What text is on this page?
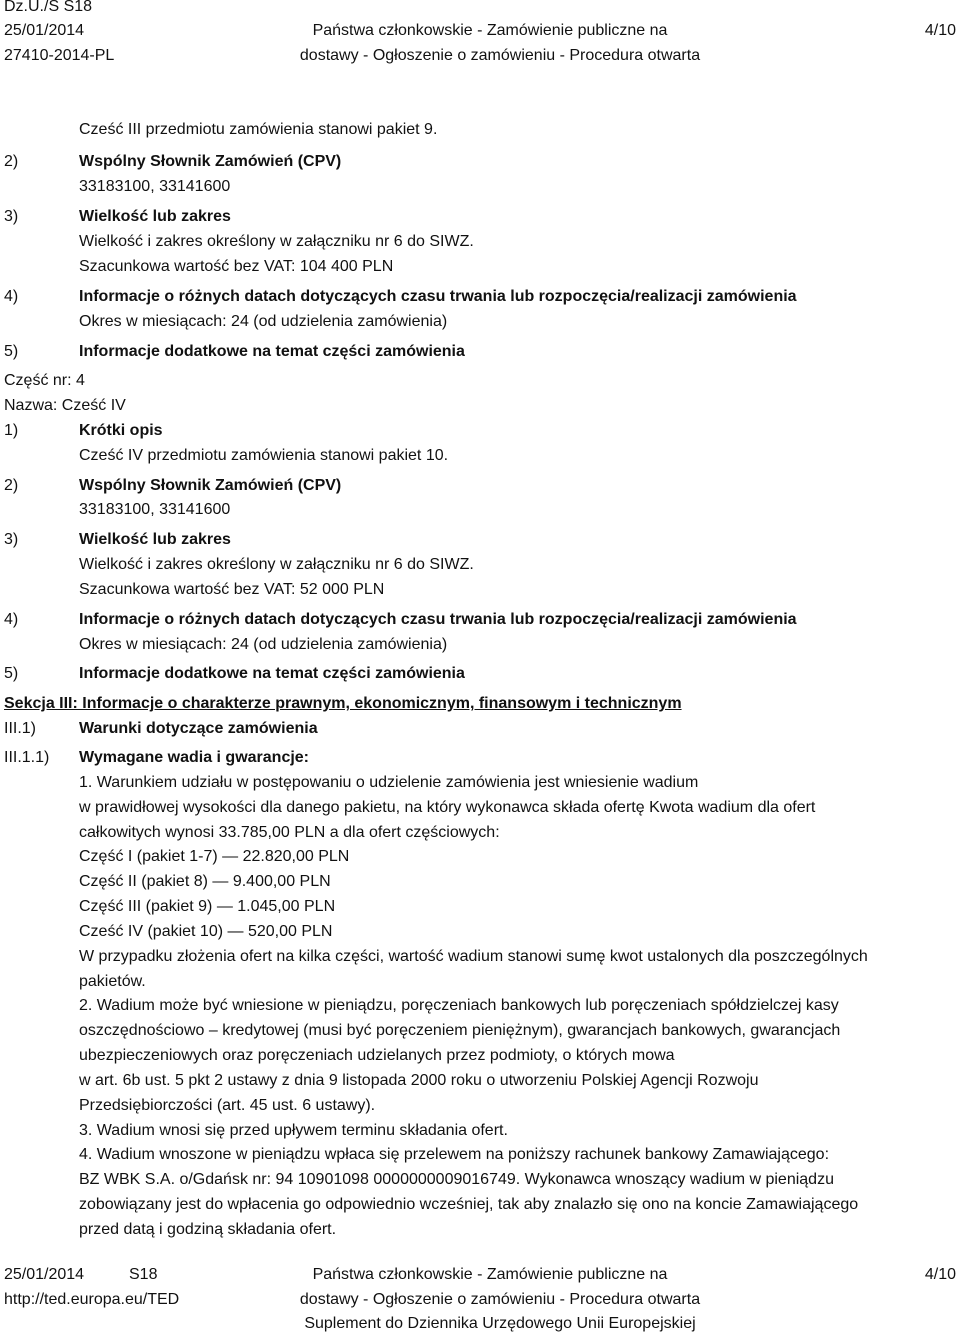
Dz.U./S S18
25/01/2014
27410-2014-PL
Państwa członkowskie - Zamówienie publiczne na
dostawy - Ogłoszenie o zamówieniu - Procedura otwarta
4/10
Cześć III przedmiotu zamówienia stanowi pakiet 9.
2)	Wspólny Słownik Zamówień (CPV)
33183100, 33141600
3)	Wielkość lub zakres
Wielkość i zakres określony w załączniku nr 6 do SIWZ.
Szacunkowa wartość bez VAT: 104 400 PLN
4)	Informacje o różnych datach dotyczących czasu trwania lub rozpoczęcia/realizacji zamówienia
Okres w miesiącach: 24 (od udzielenia zamówienia)
5)	Informacje dodatkowe na temat części zamówienia
Część nr: 4
Nazwa: Cześć IV
1)	Krótki opis
Cześć IV przedmiotu zamówienia stanowi pakiet 10.
2)	Wspólny Słownik Zamówień (CPV)
33183100, 33141600
3)	Wielkość lub zakres
Wielkość i zakres określony w załączniku nr 6 do SIWZ.
Szacunkowa wartość bez VAT: 52 000 PLN
4)	Informacje o różnych datach dotyczących czasu trwania lub rozpoczęcia/realizacji zamówienia
Okres w miesiącach: 24 (od udzielenia zamówienia)
5)	Informacje dodatkowe na temat części zamówienia
Sekcja III: Informacje o charakterze prawnym, ekonomicznym, finansowym i technicznym
III.1)	Warunki dotyczące zamówienia
III.1.1) Wymagane wadia i gwarancje:
1. Warunkiem udziału w postępowaniu o udzielenie zamówienia jest wniesienie wadium
w prawidłowej wysokości dla danego pakietu, na który wykonawca składa ofertę Kwota wadium dla ofert
całkowitych wynosi 33.785,00 PLN a dla ofert częściowych:
Część I (pakiet 1-7) — 22.820,00 PLN
Część II (pakiet 8) — 9.400,00 PLN
Część III (pakiet 9) — 1.045,00 PLN
Cześć IV (pakiet 10) — 520,00 PLN
W przypadku złożenia ofert na kilka części, wartość wadium stanowi sumę kwot ustalonych dla poszczególnych
pakietów.
2. Wadium może być wniesione w pieniądzu, poręczeniach bankowych lub poręczeniach spółdzielczej kasy
oszczędnościowo – kredytowej (musi być poręczeniem pieniężnym), gwarancjach bankowych, gwarancjach
ubezpieczeniowych oraz poręczeniach udzielanych przez podmioty, o których mowa
w art. 6b ust. 5 pkt 2 ustawy z dnia 9 listopada 2000 roku o utworzeniu Polskiej Agencji Rozwoju
Przedsiębiorczości (art. 45 ust. 6 ustawy).
3. Wadium wnosi się przed upływem terminu składania ofert.
4. Wadium wnoszone w pieniądzu wpłaca się przelewem na poniższy rachunek bankowy Zamawiającego:
BZ WBK S.A. o/Gdańsk nr: 94 10901098 0000000009016749. Wykonawca wnoszący wadium w pieniądzu
zobowiązany jest do wpłacenia go odpowiednio wcześniej, tak aby znalazło się ono na koncie Zamawiającego
przed datą i godziną składania ofert.
25/01/2014	S18
http://ted.europa.eu/TED
Państwa członkowskie - Zamówienie publiczne na
dostawy - Ogłoszenie o zamówieniu - Procedura otwarta
Suplement do Dziennika Urzędowego Unii Europejskiej
4/10
